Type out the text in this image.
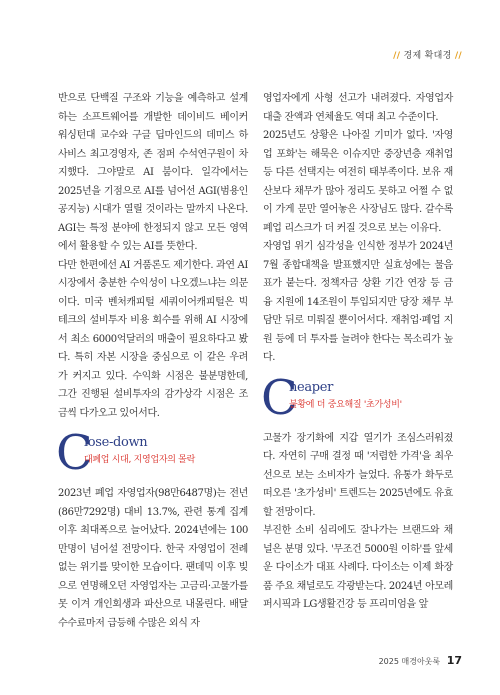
// 경제 확대경 //

반으로 단백질 구조와 기능을 예측하고 설계하는 소프트웨어를 개발한 데이비드 베이커 워싱턴대 교수와 구글 딥마인드의 데미스 하사비스 최고경영자, 존 점퍼 수석연구원이 차지했다. 그야말로 AI 붐이다. 일각에서는 2025년을 기점으로 AI를 넘어선 AGI(범용인공지능) 시대가 열릴 것이라는 말까지 나온다. AGI는 특정 분야에 한정되지 않고 모든 영역에서 활용할 수 있는 AI를 뜻한다.

다만 한편에선 AI 거품론도 제기한다. 과연 AI 시장에서 충분한 수익성이 나오겠느냐는 의문이다. 미국 벤처캐피털 세쿼이어캐피털은 빅테크의 설비투자 비용 회수를 위해 AI 시장에서 최소 6000억달러의 매출이 필요하다고 봤다. 특히 자본 시장을 중심으로 이 같은 우려가 커지고 있다. 수익화 시점은 불분명한데, 그간 진행된 설비투자의 감가상각 시점은 조금씩 다가오고 있어서다.

C
lose-down
대폐업 시대, 지영업자의 몰락

2023년 폐업 자영업자(98만6487명)는 전년(86만7292명) 대비 13.7%, 관련 통계 집계 이후 최대폭으로 늘어났다. 2024년에는 100만명이 넘어설 전망이다. 한국 자영업이 전례 없는 위기를 맞이한 모습이다. 팬데믹 이후 빚으로 연명해오던 자영업자는 고금리·고물가를 못 이겨 개인회생과 파산으로 내몰린다. 배달 수수료마저 급등해 수많은 외식 자

영업자에게 사형 선고가 내려졌다. 자영업자 대출 잔액과 연체율도 역대 최고 수준이다.

2025년도 상황은 나아질 기미가 없다. '자영업 포화'는 해묵은 이슈지만 중장년층 재취업 등 다른 선택지는 여전히 태부족이다. 보유 재산보다 채무가 많아 정리도 못하고 어쩔 수 없이 가게 문만 열어놓은 사장님도 많다. 갈수록 폐업 리스크가 더 커질 것으로 보는 이유다.

자영업 위기 심각성을 인식한 정부가 2024년 7월 종합대책을 발표했지만 실효성에는 물음표가 붙는다. 정책자금 상환 기간 연장 등 금융 지원에 14조원이 투입되지만 당장 채무 부담만 뒤로 미뤄질 뿐이어서다. 재취업·폐업 지원 등에 더 투자를 늘려야 한다는 목소리가 높다.

C
heaper
불황에 더 중요해질 '초가성비'

고물가 장기화에 지갑 열기가 조심스러워졌다. 자연히 구매 결정 때 '저렴한 가격'을 최우선으로 보는 소비자가 늘었다. 유통가 화두로 떠오른 '초가성비' 트렌드는 2025년에도 유효할 전망이다.

부진한 소비 심리에도 잘나가는 브랜드와 채널은 분명 있다. '무조건 5000원 이하'를 앞세운 다이소가 대표 사례다. 다이소는 이제 화장품 주요 채널로도 각광받는다. 2024년 아모레퍼시픽과 LG생활건강 등 프리미엄을 앞

2025 매경아웃룩 17
